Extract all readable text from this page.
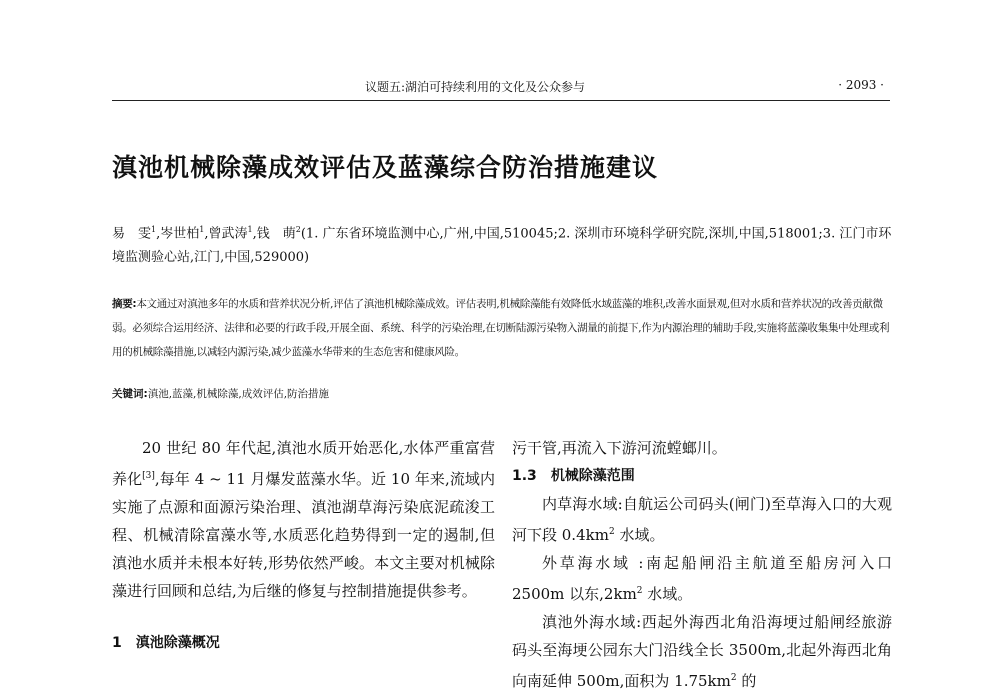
议题五:湖泊可持续利用的文化及公众参与	· 2093 ·
滇池机械除藻成效评估及蓝藻综合防治措施建议
易　雯$^1$,岑世柏$^1$,曾武涛$^1$,钱　萌$^2$(1. 广东省环境监测中心,广州,中国,510045;2. 深圳市环境科学研究院,深圳,中国,518001;3. 江门市环境监测验心站,江门,中国,529000)
摘要:本文通过对滇池多年的水质和营养状况分析,评估了滇池机械除藻成效。评估表明,机械除藻能有效降低水域蓝藻的堆积,改善水面景观,但对水质和营养状况的改善贡献微弱。必须综合运用经济、法律和必要的行政手段,开展全面、系统、科学的污染治理,在切断陆源污染物入湖量的前提下,作为内源治理的辅助手段,实施将蓝藻收集集中处理或利用的机械除藻措施,以减轻内源污染,减少蓝藻水华带来的生态危害和健康风险。
关键词:滇池,蓝藻,机械除藻,成效评估,防治措施

20 世纪 80 年代起,滇池水质开始恶化,水体严重富营养化[3],每年 4 ~ 11 月爆发蓝藻水华。近 10 年来,流域内实施了点源和面源污染治理、滇池湖草海污染底泥疏浚工程、机械清除富藻水等,水质恶化趋势得到一定的遏制,但滇池水质并未根本好转,形势依然严峻。本文主要对机械除藻进行回顾和总结,为后继的修复与控制措施提供参考。

1 滇池除藻概况

污干管,再流入下游河流螳螂川。

1.3 机械除藻范围

内草海水域:自航运公司码头(闸门)至草海入口的大观河下段 $0.4km^2$ 水域。

外草海水域 :南起船闸沿主航道至船房河入口 2500m 以东$,2km^2$ 水域。

滇池外海水域:西起外海西北角沿海埂过船闸经旅游码头至海埂公园东大门沿线全长 3500m,北起外海西北角向南延伸 500m,面积为 $1.75km^2$ 的
